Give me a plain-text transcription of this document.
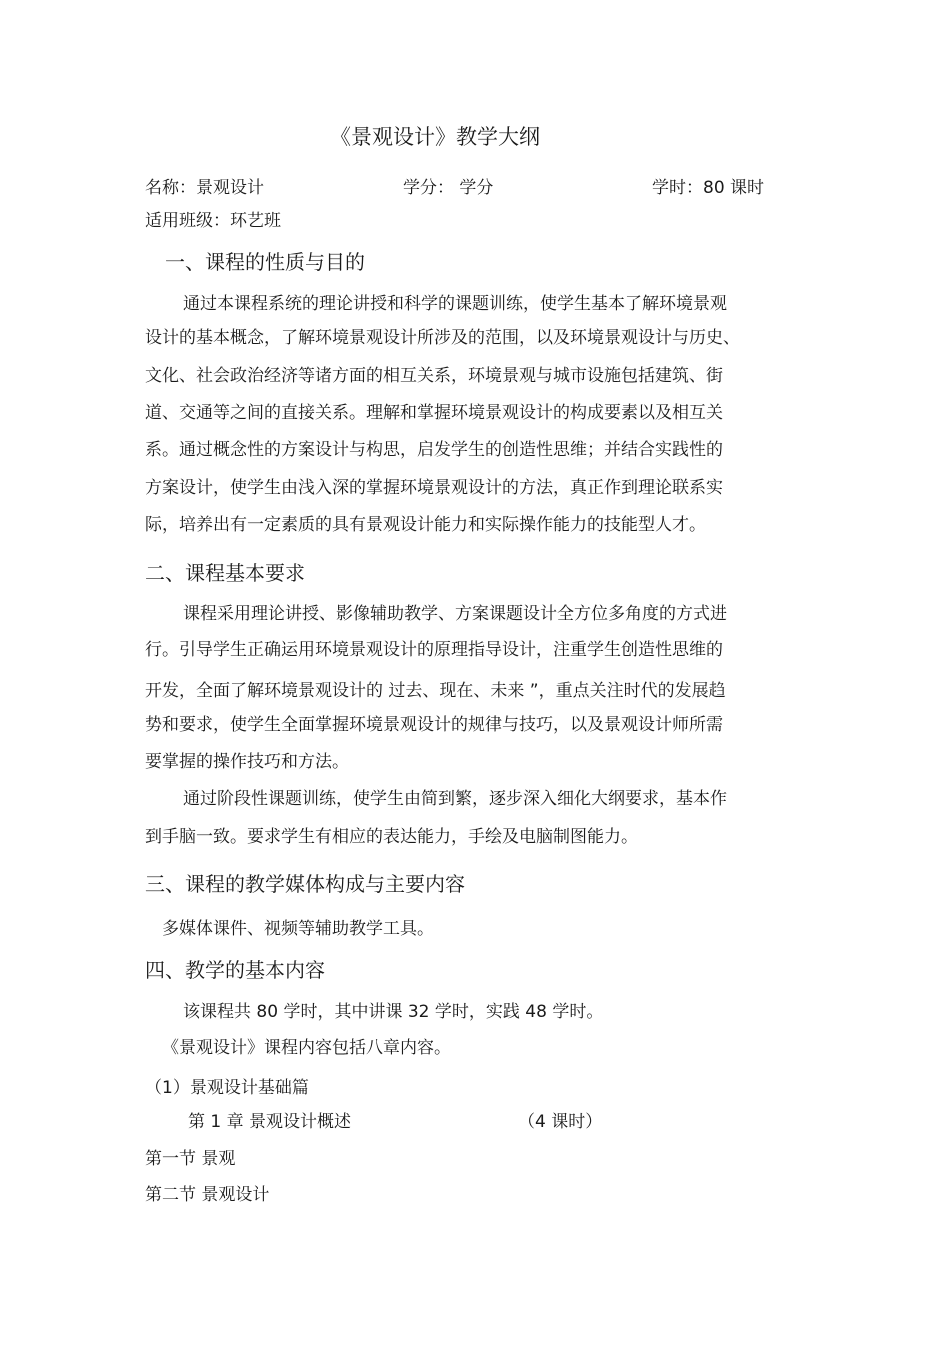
《景观设计》教学大纲
名称：景观设计	学分： 学分	学时：80 课时
适用班级：环艺班
一、课程的性质与目的
通过本课程系统的理论讲授和科学的课题训练，使学生基本了解环境景观
设计的基本概念，了解环境景观设计所涉及的范围，以及环境景观设计与历史、
文化、社会政治经济等诸方面的相互关系，环境景观与城市设施包括建筑、街
道、交通等之间的直接关系。理解和掌握环境景观设计的构成要素以及相互关
系。通过概念性的方案设计与构思，启发学生的创造性思维；并结合实践性的
方案设计，使学生由浅入深的掌握环境景观设计的方法，真正作到理论联系实
际，培养出有一定素质的具有景观设计能力和实际操作能力的技能型人才。
二、课程基本要求
课程采用理论讲授、影像辅助教学、方案课题设计全方位多角度的方式进
行。引导学生正确运用环境景观设计的原理指导设计，注重学生创造性思维的
开发，全面了解环境景观设计的 过去、现在、未来 ”，重点关注时代的发展趋
势和要求，使学生全面掌握环境景观设计的规律与技巧，以及景观设计师所需
要掌握的操作技巧和方法。
通过阶段性课题训练，使学生由简到繁，逐步深入细化大纲要求，基本作
到手脑一致。要求学生有相应的表达能力，手绘及电脑制图能力。
三、课程的教学媒体构成与主要内容
多媒体课件、视频等辅助教学工具。
四、教学的基本内容
该课程共 80 学时，其中讲课 32 学时，实践 48 学时。
《景观设计》课程内容包括八章内容。
（1）景观设计基础篇
第 1 章 景观设计概述	（4 课时）
第一节 景观
第二节 景观设计
